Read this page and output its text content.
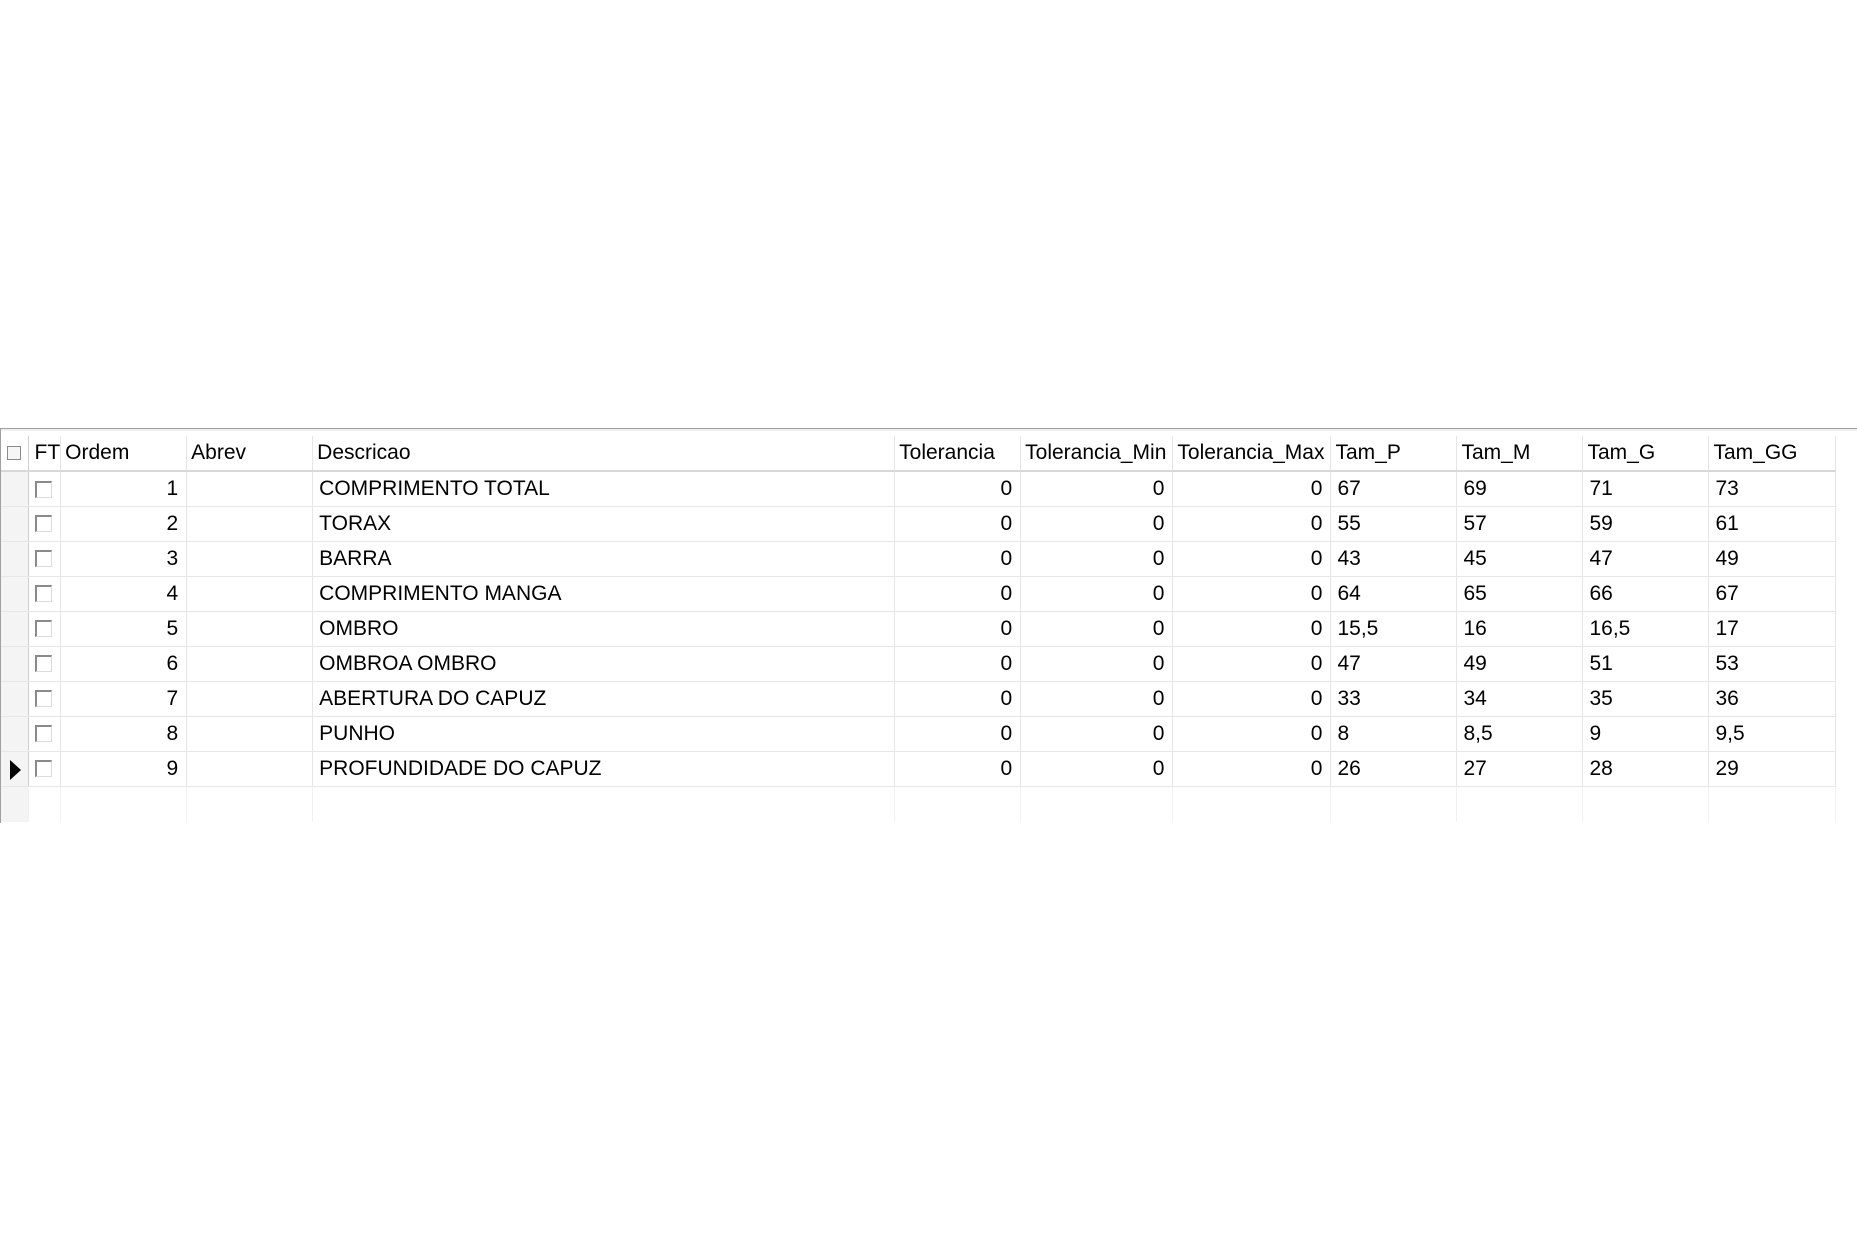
	FT	Ordem	Abrev	Descricao	Tolerancia	Tolerancia_Min	Tolerancia_Max	Tam_P	Tam_M	Tam_G	Tam_GG
		1		COMPRIMENTO TOTAL	0	0	0	67	69	71	73
		2		TORAX	0	0	0	55	57	59	61
		3		BARRA	0	0	0	43	45	47	49
		4		COMPRIMENTO MANGA	0	0	0	64	65	66	67
		5		OMBRO	0	0	0	15,5	16	16,5	17
		6		OMBROA OMBRO	0	0	0	47	49	51	53
		7		ABERTURA DO CAPUZ	0	0	0	33	34	35	36
		8		PUNHO	0	0	0	8	8,5	9	9,5

		9		PROFUNDIDADE DO CAPUZ	0	0	0	26	27	28	29
